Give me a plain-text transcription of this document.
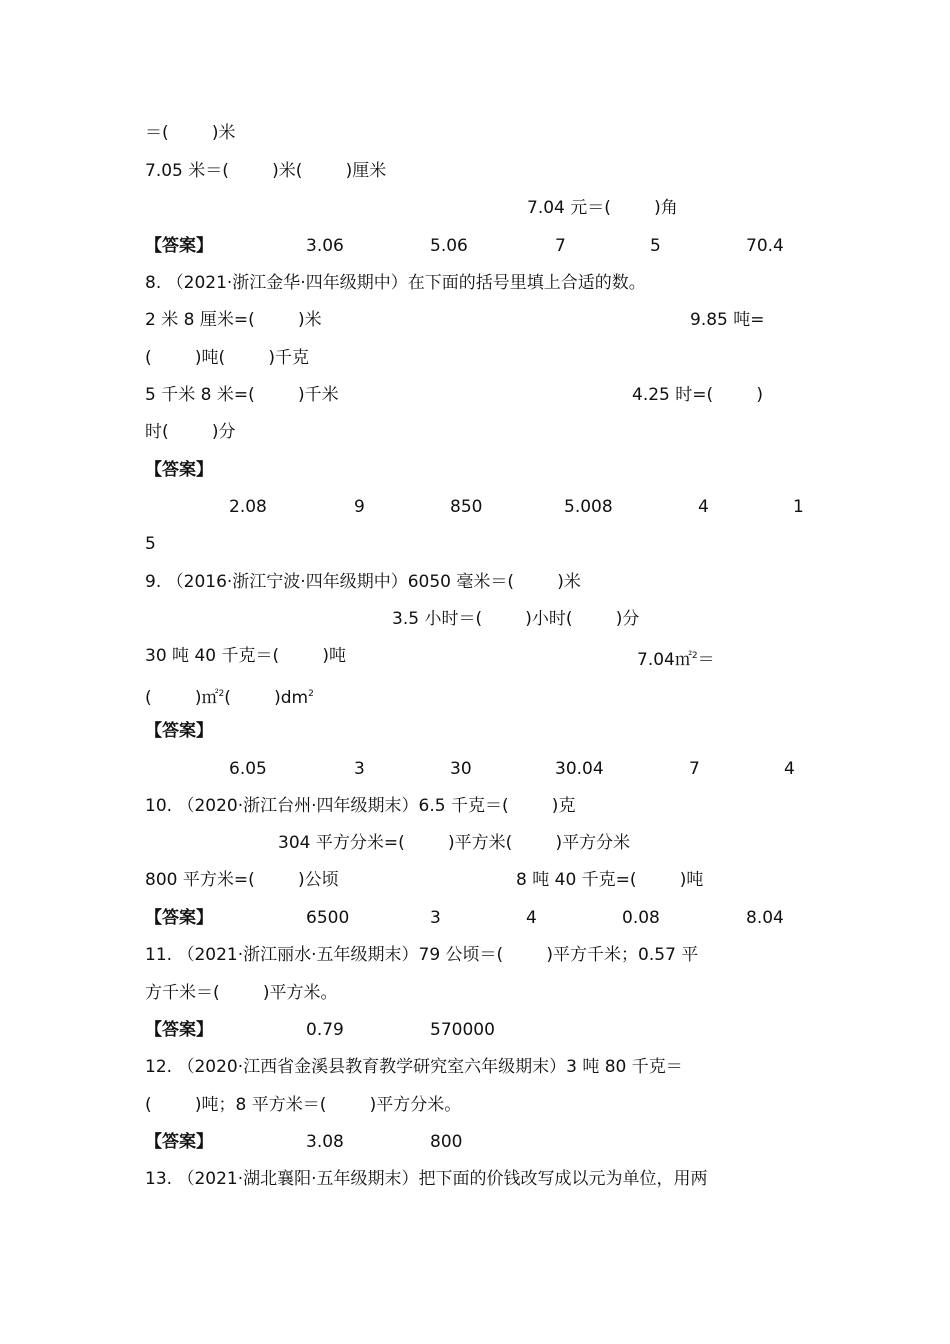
＝(        )米
7.05 米＝(        )米(        )厘米
7.04 元＝(        )角
【答案】	3.06	5.06	7	5	70.4
8. （2021·浙江金华·四年级期中）在下面的括号里填上合适的数。
2 米 8 厘米=(        )米	9.85 吨=
(        )吨(        )千克
5 千米 8 米=(        )千米	4.25 时=(        )
时(        )分
【答案】
2.08	9	850	5.008	4	1
5
9. （2016·浙江宁波·四年级期中）6050 毫米＝(        )米
3.5 小时＝(        )小时(        )分
30 吨 40 千克＝(        )吨	7.04㎡$^2$＝
(        )㎡$^2$(        )$dm^2$
【答案】
6.05	3	30	30.04	7	4
10. （2020·浙江台州·四年级期末）6.5 千克＝(        )克
304 平方分米=(        )平方米(        )平方分米
800 平方米=(        )公顷	8 吨 40 千克=(        )吨
【答案】	6500	3	4	0.08	8.04
11. （2021·浙江丽水·五年级期末）79 公顷＝(        )平方千米；0.57 平
方千米＝(        )平方米。
【答案】	0.79	570000
12. （2020·江西省金溪县教育教学研究室六年级期末）3 吨 80 千克＝
(        )吨；8 平方米＝(        )平方分米。
【答案】	3.08	800
13. （2021·湖北襄阳·五年级期末）把下面的价钱改写成以元为单位，用两
